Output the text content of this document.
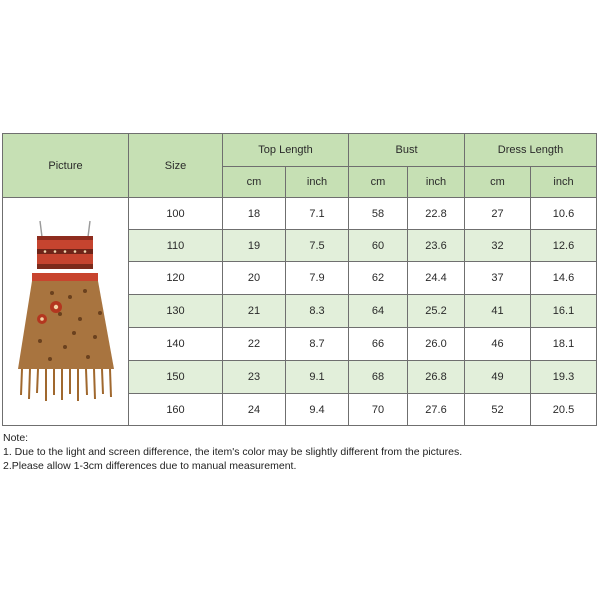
Picture	Size	Top Length		Bust		Dress Length	
		cm	inch	cm	inch	cm	inch

	100	18	7.1	58	22.8	27	10.6
	110	19	7.5	60	23.6	32	12.6
	120	20	7.9	62	24.4	37	14.6
	130	21	8.3	64	25.2	41	16.1
	140	22	8.7	66	26.0	46	18.1
	150	23	9.1	68	26.8	49	19.3
	160	24	9.4	70	27.6	52	20.5
Note:
1. Due to the light and screen difference, the item's color may be slightly different from the pictures.
2.Please allow 1-3cm differences due to manual measurement.
